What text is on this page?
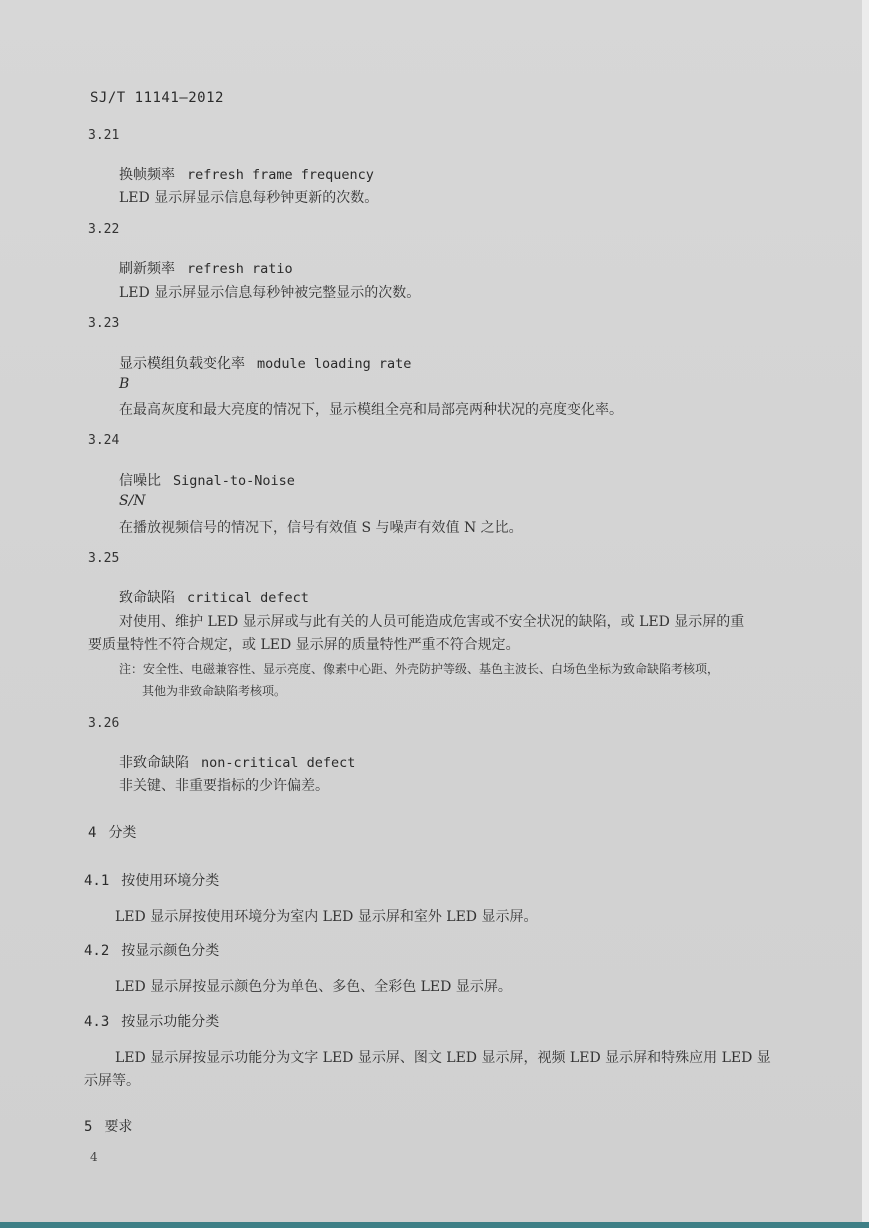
SJ/T 11141—2012
3.21
换帧频率 refresh frame frequency
LED 显示屏显示信息每秒钟更新的次数。
3.22
刷新频率 refresh ratio
LED 显示屏显示信息每秒钟被完整显示的次数。
3.23
显示模组负载变化率 module loading rate
B
在最高灰度和最大亮度的情况下，显示模组全亮和局部亮两种状况的亮度变化率。
3.24
信噪比 Signal-to-Noise
S/N
在播放视频信号的情况下，信号有效值 S 与噪声有效值 N 之比。
3.25
致命缺陷 critical defect
对使用、维护 LED 显示屏或与此有关的人员可能造成危害或不安全状况的缺陷，或 LED 显示屏的重
要质量特性不符合规定，或 LED 显示屏的质量特性严重不符合规定。
注：安全性、电磁兼容性、显示亮度、像素中心距、外壳防护等级、基色主波长、白场色坐标为致命缺陷考核项，
其他为非致命缺陷考核项。
3.26
非致命缺陷 non-critical defect
非关键、非重要指标的少许偏差。
4 分类
4.1 按使用环境分类
LED 显示屏按使用环境分为室内 LED 显示屏和室外 LED 显示屏。
4.2 按显示颜色分类
LED 显示屏按显示颜色分为单色、多色、全彩色 LED 显示屏。
4.3 按显示功能分类
LED 显示屏按显示功能分为文字 LED 显示屏、图文 LED 显示屏，视频 LED 显示屏和特殊应用 LED 显
示屏等。
5 要求
4
